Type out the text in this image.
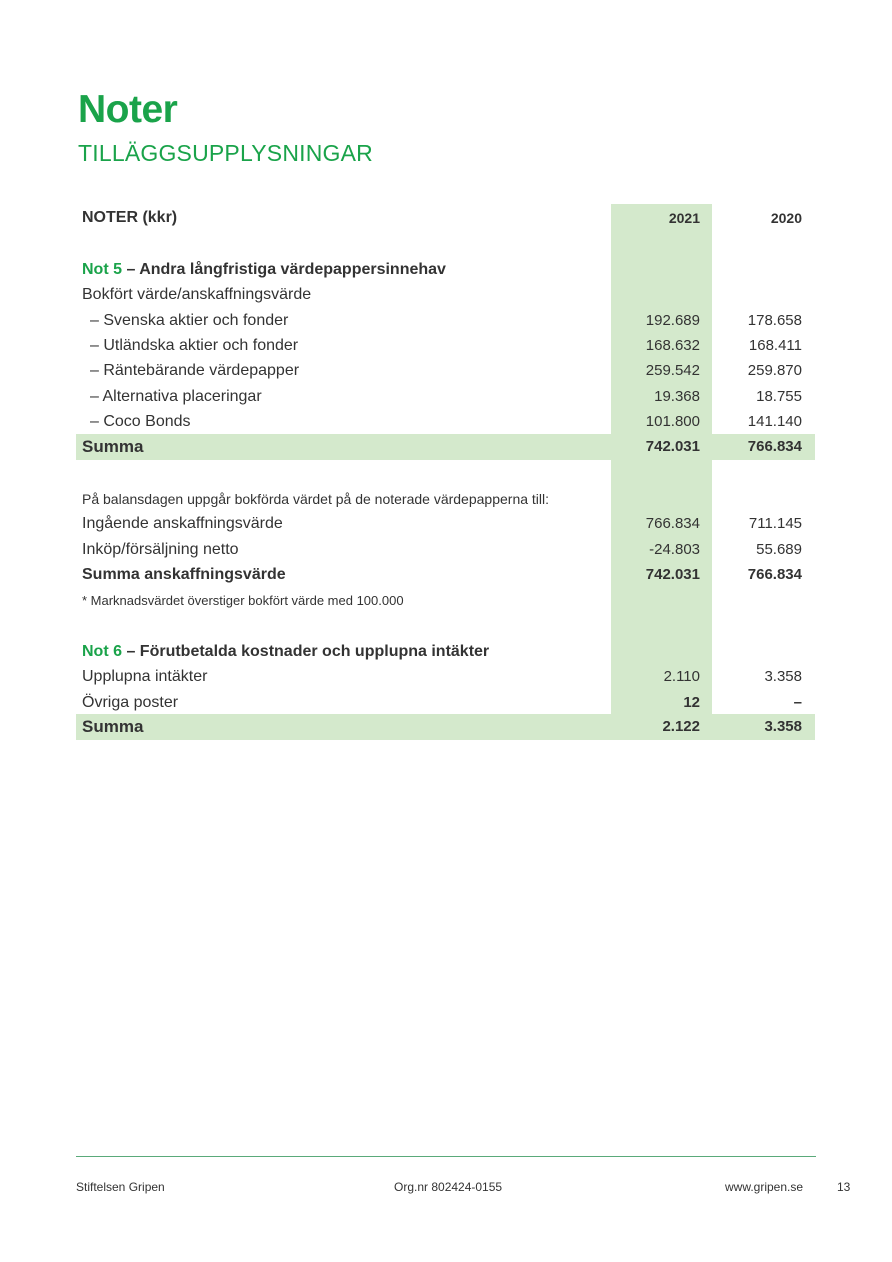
Noter
TILLÄGGSUPPLYSNINGAR
NOTER (kkr)	2021	2020
Not 5 – Andra långfristiga värdepappersinnehav
Bokfört värde/anskaffningsvärde
– Svenska aktier och fonder	192.689	178.658
– Utländska aktier och fonder	168.632	168.411
– Räntebärande värdepapper	259.542	259.870
– Alternativa placeringar	19.368	18.755
– Coco Bonds	101.800	141.140
Summa	742.031	766.834
På balansdagen uppgår bokförda värdet på de noterade värdepapperna till:
Ingående anskaffningsvärde	766.834	711.145
Inköp/försäljning netto	-24.803	55.689
Summa anskaffningsvärde	742.031	766.834
* Marknadsvärdet överstiger bokfört värde med 100.000
Not 6 – Förutbetalda kostnader och upplupna intäkter
Upplupna intäkter	2.110	3.358
Övriga poster	12	–
Summa	2.122	3.358
Stiftelsen Gripen	Org.nr 802424-0155	www.gripen.se	13
